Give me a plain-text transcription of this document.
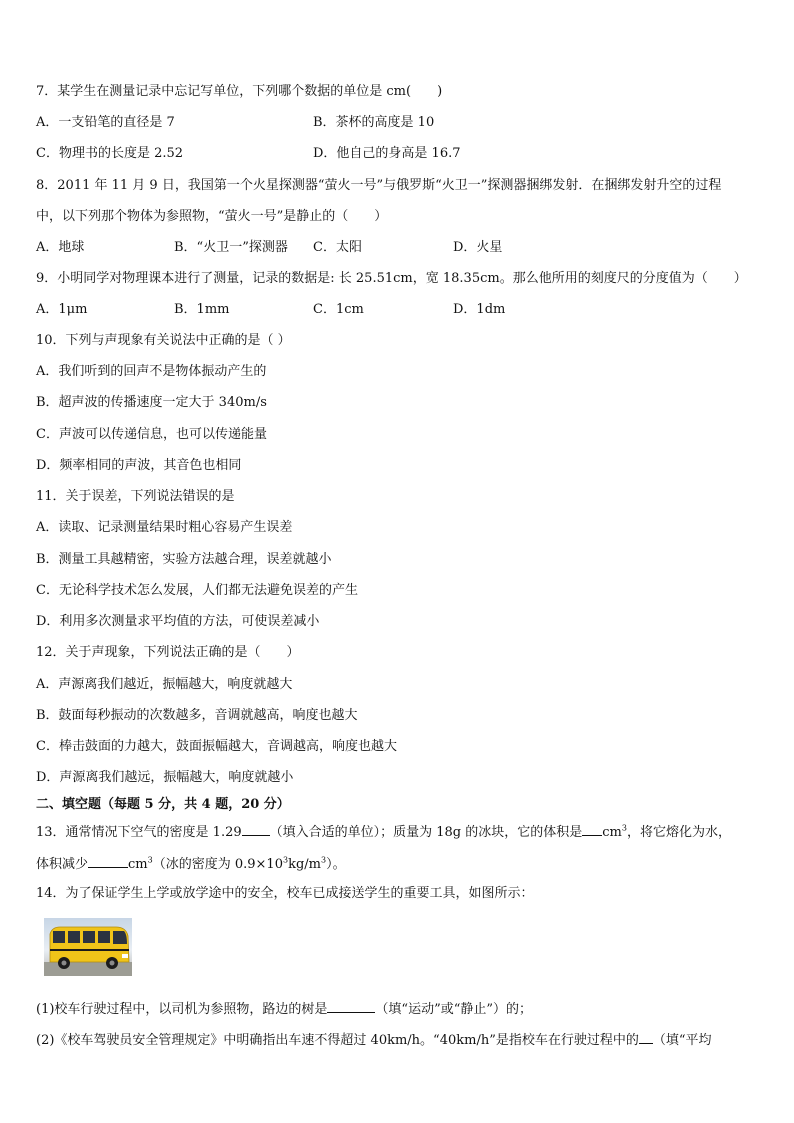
7．某学生在测量记录中忘记写单位，下列哪个数据的单位是 cm(　　)
A．一支铅笔的直径是 7	B．茶杯的高度是 10
C．物理书的长度是 2.52	D．他自己的身高是 16.7
8．2011 年 11 月 9 日，我国第一个火星探测器“萤火一号”与俄罗斯“火卫一”探测器捆绑发射．在捆绑发射升空的过程
中，以下列那个物体为参照物，“萤火一号”是静止的（　　）
A．地球	B．“火卫一”探测器 C．太阳	D．火星
9．小明同学对物理课本进行了测量，记录的数据是: 长 25.51cm，宽 18.35cm。那么他所用的刻度尺的分度值为（　　）
A．1μm	B．1mm	C．1cm	D．1dm
10．下列与声现象有关说法中正确的是（ ）
A．我们听到的回声不是物体振动产生的
B．超声波的传播速度一定大于 340m/s
C．声波可以传递信息，也可以传递能量
D．频率相同的声波，其音色也相同
11．关于误差，下列说法错误的是
A．读取、记录测量结果时粗心容易产生误差
B．测量工具越精密，实验方法越合理，误差就越小
C．无论科学技术怎么发展，人们都无法避免误差的产生
D．利用多次测量求平均值的方法，可使误差减小
12．关于声现象，下列说法正确的是（　　）
A．声源离我们越近，振幅越大，响度就越大
B．鼓面每秒振动的次数越多，音调就越高，响度也越大
C．棒击鼓面的力越大，鼓面振幅越大，音调越高，响度也越大
D．声源离我们越远，振幅越大，响度就越小
二、填空题（每题 5 分，共 4 题，20 分）
13．通常情况下空气的密度是 1.29 （填入合适的单位）；质量为 18g 的冰块，它的体积是 $cm^3$，将它熔化为水，
体积减少	$cm^3$（冰的密度为 $0.9\times 10^3kg/m^3$）。
14．为了保证学生上学或放学途中的安全，校车已成接送学生的重要工具，如图所示：
(1)校车行驶过程中，以司机为参照物，路边的树是	（填“运动”或“静止”）的；
(2)《校车驾驶员安全管理规定》中明确指出车速不得超过 40km/h。“40km/h”是指校车在行驶过程中的 （填“平均
